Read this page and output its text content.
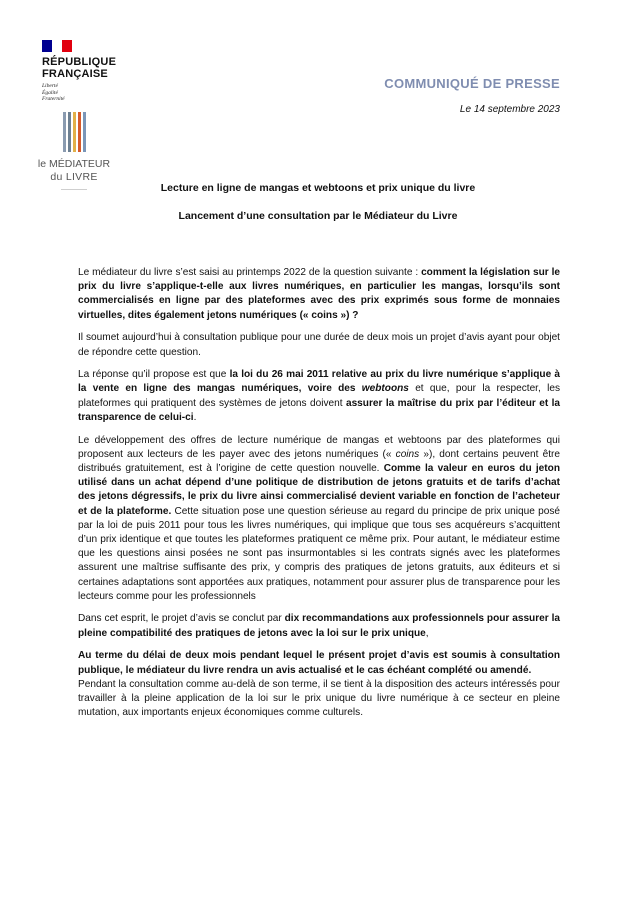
RÉPUBLIQUE
FRANÇAISE
Liberté
Égalité
Fraternité
le MÉDIATEUR
du LIVRE
COMMUNIQUÉ DE PRESSE
Le 14 septembre 2023
Lecture en ligne de mangas et webtoons et prix unique du livre
Lancement d’une consultation par le Médiateur du Livre

Le médiateur du livre s’est saisi au printemps 2022 de la question suivante : comment la législation sur le prix du livre s’applique-t-elle aux livres numériques, en particulier les mangas, lorsqu’ils sont commercialisés en ligne par des plateformes avec des prix exprimés sous forme de monnaies virtuelles, dites également jetons numériques (« coins ») ?

Il soumet aujourd’hui à consultation publique pour une durée de deux mois un projet d’avis ayant pour objet de répondre cette question.

La réponse qu’il propose est que la loi du 26 mai 2011 relative au prix du livre numérique s’applique à la vente en ligne des mangas numériques, voire des webtoons et que, pour la respecter, les plateformes qui pratiquent des systèmes de jetons doivent assurer la maîtrise du prix par l’éditeur et la transparence de celui-ci.

Le développement des offres de lecture numérique de mangas et webtoons par des plateformes qui proposent aux lecteurs de les payer avec des jetons numériques (« coins »), dont certains peuvent être distribués gratuitement, est à l’origine de cette question nouvelle. Comme la valeur en euros du jeton utilisé dans un achat dépend d’une politique de distribution de jetons gratuits et de tarifs d’achat des jetons dégressifs, le prix du livre ainsi commercialisé devient variable en fonction de l’acheteur et de la plateforme. Cette situation pose une question sérieuse au regard du principe de prix unique posé par la loi de puis 2011 pour tous les livres numériques, qui implique que tous ses acquéreurs s’acquittent d’un prix identique et que toutes les plateformes pratiquent ce même prix. Pour autant, le médiateur estime que les questions ainsi posées ne sont pas insurmontables si les contrats signés avec les plateformes assurent une maîtrise suffisante des prix, y compris des pratiques de jetons gratuits, aux éditeurs et si certaines adaptations sont apportées aux pratiques, notamment pour assurer plus de transparence pour les lecteurs comme pour les professionnels

Dans cet esprit, le projet d’avis se conclut par dix recommandations aux professionnels pour assurer la pleine compatibilité des pratiques de jetons avec la loi sur le prix unique,

Au terme du délai de deux mois pendant lequel le présent projet d’avis est soumis à consultation publique, le médiateur du livre rendra un avis actualisé et le cas échéant complété ou amendé.
Pendant la consultation comme au-delà de son terme, il se tient à la disposition des acteurs intéressés pour travailler à la pleine application de la loi sur le prix unique du livre numérique à ce secteur en pleine mutation, aux importants enjeux économiques comme culturels.
